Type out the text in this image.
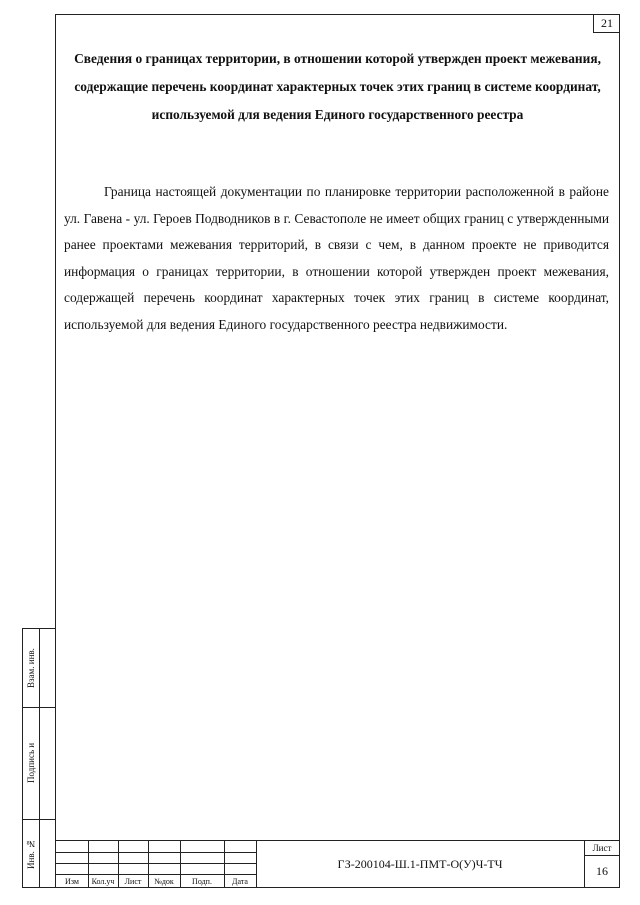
21
Сведения о границах территории, в отношении которой утвержден проект межевания, содержащие перечень координат характерных точек этих границ в системе координат, используемой для ведения Единого государственного реестра
Граница настоящей документации по планировке территории расположенной в районе ул. Гавена - ул. Героев Подводников в г. Севастополе не имеет общих границ с утвержденными ранее проектами межевания территорий, в связи с чем, в данном проекте не приводится информация о границах территории, в отношении которой утвержден проект межевания, содержащей перечень координат характерных точек этих границ в системе координат, используемой для ведения Единого государственного реестра недвижимости.
Изм	Кол.уч	Лист	№док	Подп.	Дата
ГЗ-200104-Ш.1-ПМТ-О(У)Ч-ТЧ
Лист
16
Взам. инв.
Подпись и
Инв. №
